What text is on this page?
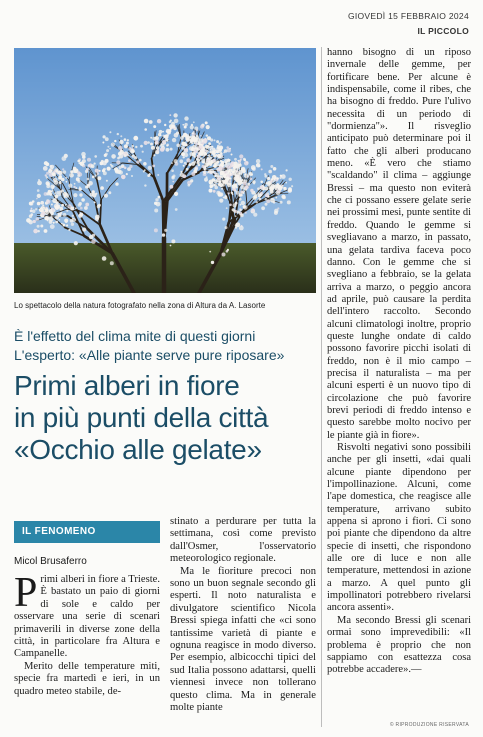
GIOVEDÌ 15 FEBBRAIO 2024
IL PICCOLO
Lo spettacolo della natura fotografato nella zona di Altura da A. Lasorte
È l'effetto del clima mite di questi giorni
L'esperto: «Alle piante serve pure riposare»
Primi alberi in fiore
in più punti della città
«Occhio alle gelate»
IL FENOMENO
Micol Brusaferro

Primi alberi in fiore a Trieste. È bastato un paio di giorni di sole e caldo per osservare una serie di scenari primaverili in diverse zone della città, in particolare fra Altura e Campanelle.

Merito delle temperature miti, specie fra martedì e ieri, in un quadro meteo stabile, de-

stinato a perdurare per tutta la settimana, così come previsto dall'Osmer, l'osservatorio meteorologico regionale.

Ma le fioriture precoci non sono un buon segnale secondo gli esperti. Il noto naturalista e divulgatore scientifico Nicola Bressi spiega infatti che «ci sono tantissime varietà di piante e ognuna reagisce in modo diverso. Per esempio, albicocchi tipici del sud Italia possono adattarsi, quelli viennesi invece non tollerano questo clima. Ma in generale molte piante

hanno bisogno di un riposo invernale delle gemme, per fortificare bene. Per alcune è indispensabile, come il ribes, che ha bisogno di freddo. Pure l'ulivo necessita di un periodo di "dormienza"». Il risveglio anticipato può determinare poi il fatto che gli alberi producano meno. «È vero che stiamo "scaldando" il clima – aggiunge Bressi – ma questo non eviterà che ci possano essere gelate serie nei prossimi mesi, punte sentite di freddo. Quando le gemme si svegliavano a marzo, in passato, una gelata tardiva faceva poco danno. Con le gemme che si svegliano a febbraio, se la gelata arriva a marzo, o peggio ancora ad aprile, può causare la perdita dell'intero raccolto. Secondo alcuni climatologi inoltre, proprio queste lunghe ondate di caldo possono favorire picchi isolati di freddo, non è il mio campo – precisa il naturalista – ma per alcuni esperti è un nuovo tipo di circolazione che può favorire brevi periodi di freddo intenso e questo sarebbe molto nocivo per le piante già in fiore».

Risvolti negativi sono possibili anche per gli insetti, «dai quali alcune piante dipendono per l'impollinazione. Alcuni, come l'ape domestica, che reagisce alle temperature, arrivano subito appena si aprono i fiori. Ci sono poi piante che dipendono da altre specie di insetti, che rispondono alle ore di luce e non alle temperature, mettendosi in azione a marzo. A quel punto gli impollinatori potrebbero rivelarsi ancora assenti».

Ma secondo Bressi gli scenari ormai sono imprevedibili: «Il problema è proprio che non sappiamo con esattezza cosa potrebbe accadere».—

© RIPRODUZIONE RISERVATA
